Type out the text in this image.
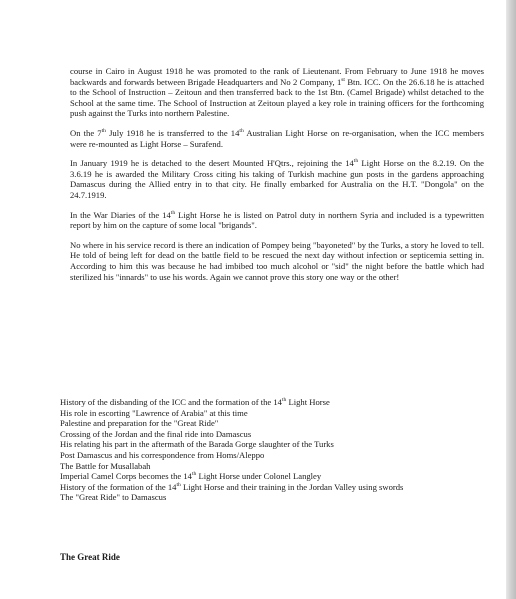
course in Cairo in August 1918 he was promoted to the rank of Lieutenant. From February to June 1918 he moves backwards and forwards between Brigade Headquarters and No 2 Company, 1st Btn. ICC. On the 26.6.18 he is attached to the School of Instruction – Zeitoun and then transferred back to the 1st Btn. (Camel Brigade) whilst detached to the School at the same time. The School of Instruction at Zeitoun played a key role in training officers for the forthcoming push against the Turks into northern Palestine.

On the 7th July 1918 he is transferred to the 14th Australian Light Horse on re-organisation, when the ICC members were re-mounted as Light Horse – Surafend.

In January 1919 he is detached to the desert Mounted H'Qtrs., rejoining the 14th Light Horse on the 8.2.19. On the 3.6.19 he is awarded the Military Cross citing his taking of Turkish machine gun posts in the gardens approaching Damascus during the Allied entry in to that city. He finally embarked for Australia on the H.T. "Dongola" on the 24.7.1919.

In the War Diaries of the 14th Light Horse he is listed on Patrol duty in northern Syria and included is a typewritten report by him on the capture of some local "brigands".

No where in his service record is there an indication of Pompey being "bayoneted" by the Turks, a story he loved to tell. He told of being left for dead on the battle field to be rescued the next day without infection or septicemia setting in. According to him this was because he had imbibed too much alcohol or "sid" the night before the battle which had sterilized his "innards" to use his words. Again we cannot prove this story one way or the other!

History of the disbanding of the ICC and the formation of the 14th Light Horse

His role in escorting "Lawrence of Arabia" at this time

Palestine and preparation for the "Great Ride"

Crossing of the Jordan and the final ride into Damascus

His relating his part in the aftermath of the Barada Gorge slaughter of the Turks

Post Damascus and his correspondence from Homs/Aleppo

The Battle for Musallabah

Imperial Camel Corps becomes the 14th Light Horse under Colonel Langley

History of the formation of the 14th Light Horse and their training in the Jordan Valley using swords

The "Great Ride" to Damascus

The Great Ride
